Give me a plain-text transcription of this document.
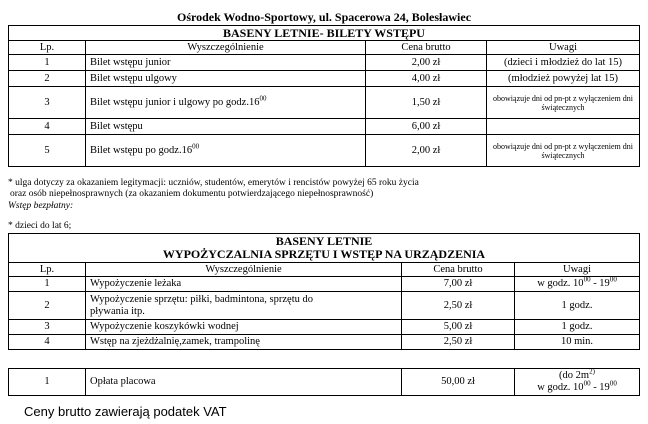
Ośrodek Wodno-Sportowy, ul. Spacerowa 24, Bolesławiec
BASENY LETNIE- BILETY WSTĘPU			
Lp.	Wyszczególnienie	Cena brutto	Uwagi
1	Bilet wstępu junior	2,00 zł	(dzieci i młodzież do lat 15)
2	Bilet wstępu ulgowy	4,00 zł	(młodzież powyżej lat 15)
3	Bilet wstępu junior i ulgowy po $godz.16^{00}$	1,50 zł	obowiązuje dni od pn-pt z wyłączeniem dni świątecznych
4	Bilet wstępu	6,00 zł	
5	Bilet wstępu po $godz.16^{00}$	2,00 zł	obowiązuje dni od pn-pt z wyłączeniem dni świątecznych
* ulga dotyczy za okazaniem legitymacji: uczniów, studentów, emerytów i rencistów powyżej 65 roku życia
oraz osób niepełnosprawnych (za okazaniem dokumentu potwierdzającego niepełnosprawność)
Wstęp bezpłatny:
* dzieci do lat 6;
BASENY LETNIE
WYPOŻYCZALNIA SPRZĘTU I WSTĘP NA URZĄDZENIA			

Lp.	Wyszczególnienie	Cena brutto	Uwagi
1	Wypożyczenie leżaka	7,00 zł	w godz. $10^{00} - 19^{00}$
2	Wypożyczenie sprzętu: piłki, badmintona, sprzętu do pływania itp.	2,50 zł	1 godz.
3	Wypożyczenie koszykówki wodnej	5,00 zł	1 godz.
4	Wstęp na zjeżdżalnię,zamek, trampolinę	2,50 zł	10 min.
1	Opłata placowa	50,00 zł	
(do $2m^{2)}$
w godz. $10^{00} - 19^{00}$
Ceny brutto zawierają podatek VAT
